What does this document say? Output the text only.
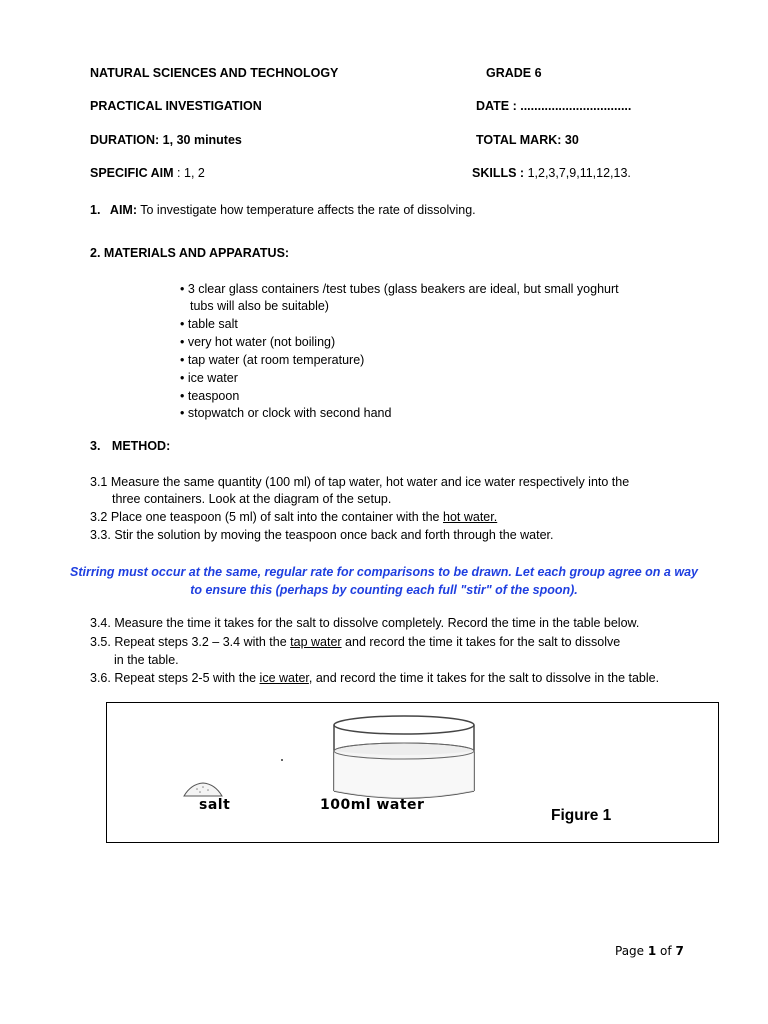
NATURAL SCIENCES AND TECHNOLOGY	GRADE 6
PRACTICAL INVESTIGATION	DATE : ................................
DURATION: 1, 30 minutes	TOTAL MARK: 30
SPECIFIC AIM : 1, 2	SKILLS : 1,2,3,7,9,11,12,13.
1. AIM: To investigate how temperature affects the rate of dissolving.
2. MATERIALS AND APPARATUS:
• 3 clear glass containers /test tubes (glass beakers are ideal, but small yoghurt
tubs will also be suitable)
• table salt
• very hot water (not boiling)
• tap water (at room temperature)
• ice water
• teaspoon
• stopwatch or clock with second hand
3. METHOD:
3.1 Measure the same quantity (100 ml) of tap water, hot water and ice water respectively into the
three containers. Look at the diagram of the setup.
3.2 Place one teaspoon (5 ml) of salt into the container with the hot water.
3.3. Stir the solution by moving the teaspoon once back and forth through the water.
Stirring must occur at the same, regular rate for comparisons to be drawn. Let each group agree on a way
to ensure this (perhaps by counting each full "stir" of the spoon).
3.4. Measure the time it takes for the salt to dissolve completely. Record the time in the table below.
3.5. Repeat steps 3.2 – 3.4 with the tap water and record the time it takes for the salt to dissolve
in the table.
3.6. Repeat steps 2-5 with the ice water, and record the time it takes for the salt to dissolve in the table.
salt	100ml water
Figure 1
Page 1 of 7
